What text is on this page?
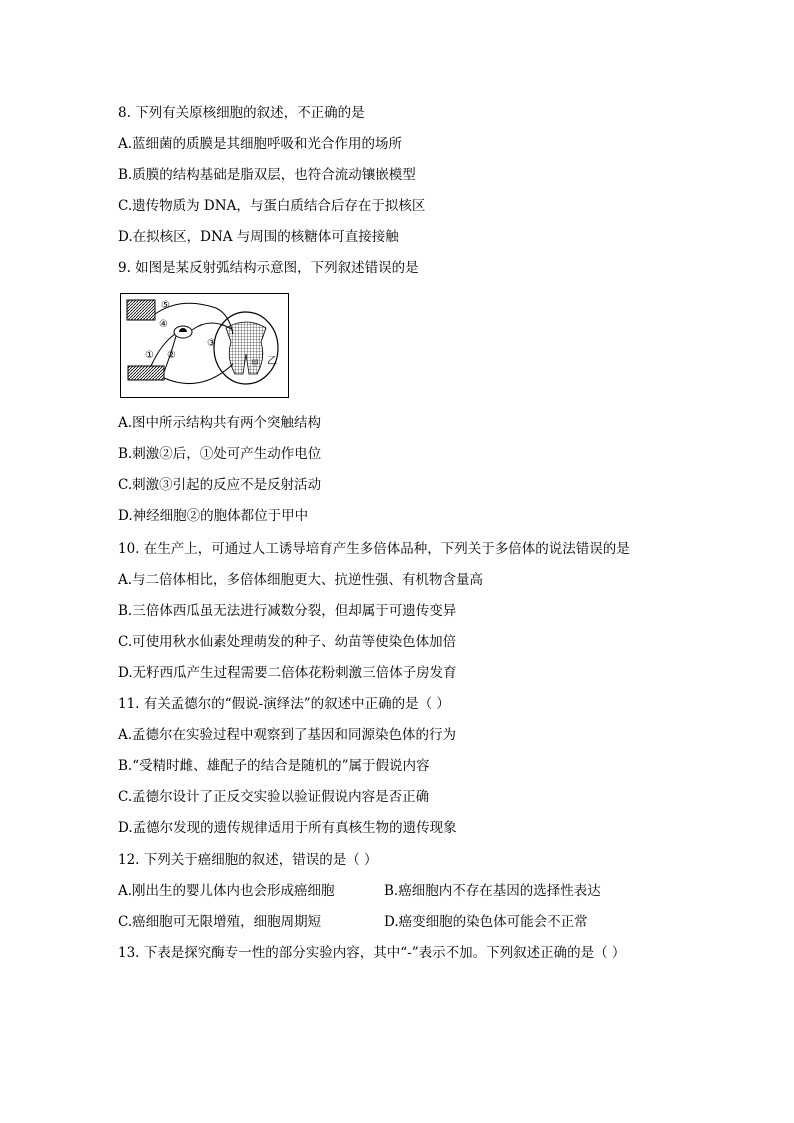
8. 下列有关原核细胞的叙述，不正确的是
A.蓝细菌的质膜是其细胞呼吸和光合作用的场所
B.质膜的结构基础是脂双层，也符合流动镶嵌模型
C.遗传物质为 DNA，与蛋白质结合后存在于拟核区
D.在拟核区，DNA 与周围的核糖体可直接接触
9. 如图是某反射弧结构示意图，下列叙述错误的是
⑤
④
③
① ②
甲 乙
A.图中所示结构共有两个突触结构
B.刺激②后，①处可产生动作电位
C.刺激③引起的反应不是反射活动
D.神经细胞②的胞体都位于甲中
10. 在生产上，可通过人工诱导培育产生多倍体品种，下列关于多倍体的说法错误的是
A.与二倍体相比，多倍体细胞更大、抗逆性强、有机物含量高
B.三倍体西瓜虽无法进行减数分裂，但却属于可遗传变异
C.可使用秋水仙素处理萌发的种子、幼苗等使染色体加倍
D.无籽西瓜产生过程需要二倍体花粉刺激三倍体子房发育
11. 有关孟德尔的“假说-演绎法”的叙述中正确的是（ ）
A.孟德尔在实验过程中观察到了基因和同源染色体的行为
B.“受精时雌、雄配子的结合是随机的”属于假说内容
C.孟德尔设计了正反交实验以验证假说内容是否正确
D.孟德尔发现的遗传规律适用于所有真核生物的遗传现象
12. 下列关于癌细胞的叙述，错误的是（ ）
A.刚出生的婴儿体内也会形成癌细胞	B.癌细胞内不存在基因的选择性表达
C.癌细胞可无限增殖，细胞周期短	D.癌变细胞的染色体可能会不正常
13. 下表是探究酶专一性的部分实验内容，其中“-”表示不加。下列叙述正确的是（ ）
